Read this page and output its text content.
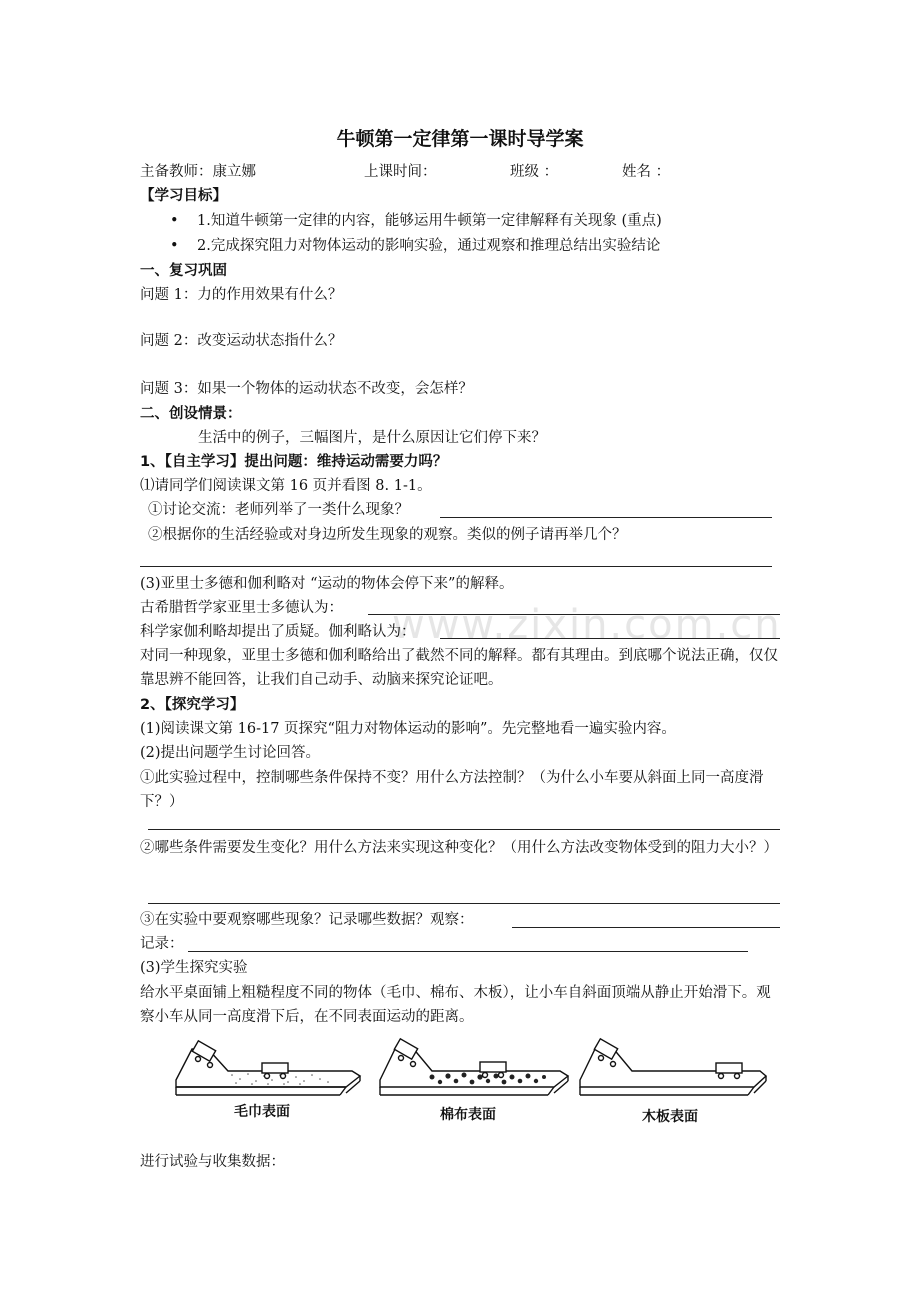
www.zixin.com.cn
牛顿第一定律第一课时导学案
主备教师：康立娜	上课时间：	班级 ：	姓名 ：
【学习目标】
• 1.知道牛顿第一定律的内容，能够运用牛顿第一定律解释有关现象 (重点)
• 2.完成探究阻力对物体运动的影响实验，通过观察和推理总结出实验结论
一、复习巩固
问题 1：力的作用效果有什么？
问题 2：改变运动状态指什么？
问题 3：如果一个物体的运动状态不改变，会怎样？
二、创设情景：
生活中的例子，三幅图片，是什么原因让它们停下来？
1、【自主学习】提出问题：维持运动需要力吗？
⑴请同学们阅读课文第 16 页并看图 8. 1-1。
①讨论交流：老师列举了一类什么现象？
②根据你的生活经验或对身边所发生现象的观察。类似的例子请再举几个？
(3)亚里士多德和伽利略对 “运动的物体会停下来”的解释。
古希腊哲学家亚里士多德认为：
科学家伽利略却提出了质疑。伽利略认为：
对同一种现象，亚里士多德和伽利略给出了截然不同的解释。都有其理由。到底哪个说法正确，仅仅靠思辨不能回答，让我们自己动手、动脑来探究论证吧。
2、【探究学习】
(1)阅读课文第 16-17 页探究“阻力对物体运动的影响”。先完整地看一遍实验内容。
(2)提出问题学生讨论回答。
①此实验过程中，控制哪些条件保持不变？用什么方法控制？（为什么小车要从斜面上同一高度滑下？）
②哪些条件需要发生变化？用什么方法来实现这种变化？（用什么方法改变物体受到的阻力大小？）
③在实验中要观察哪些现象？记录哪些数据？观察：
记录：
(3)学生探究实验
给水平桌面铺上粗糙程度不同的物体（毛巾、棉布、木板），让小车自斜面顶端从静止开始滑下。观察小车从同一高度滑下后，在不同表面运动的距离。
毛巾表面	棉布表面	木板表面
进行试验与收集数据：
